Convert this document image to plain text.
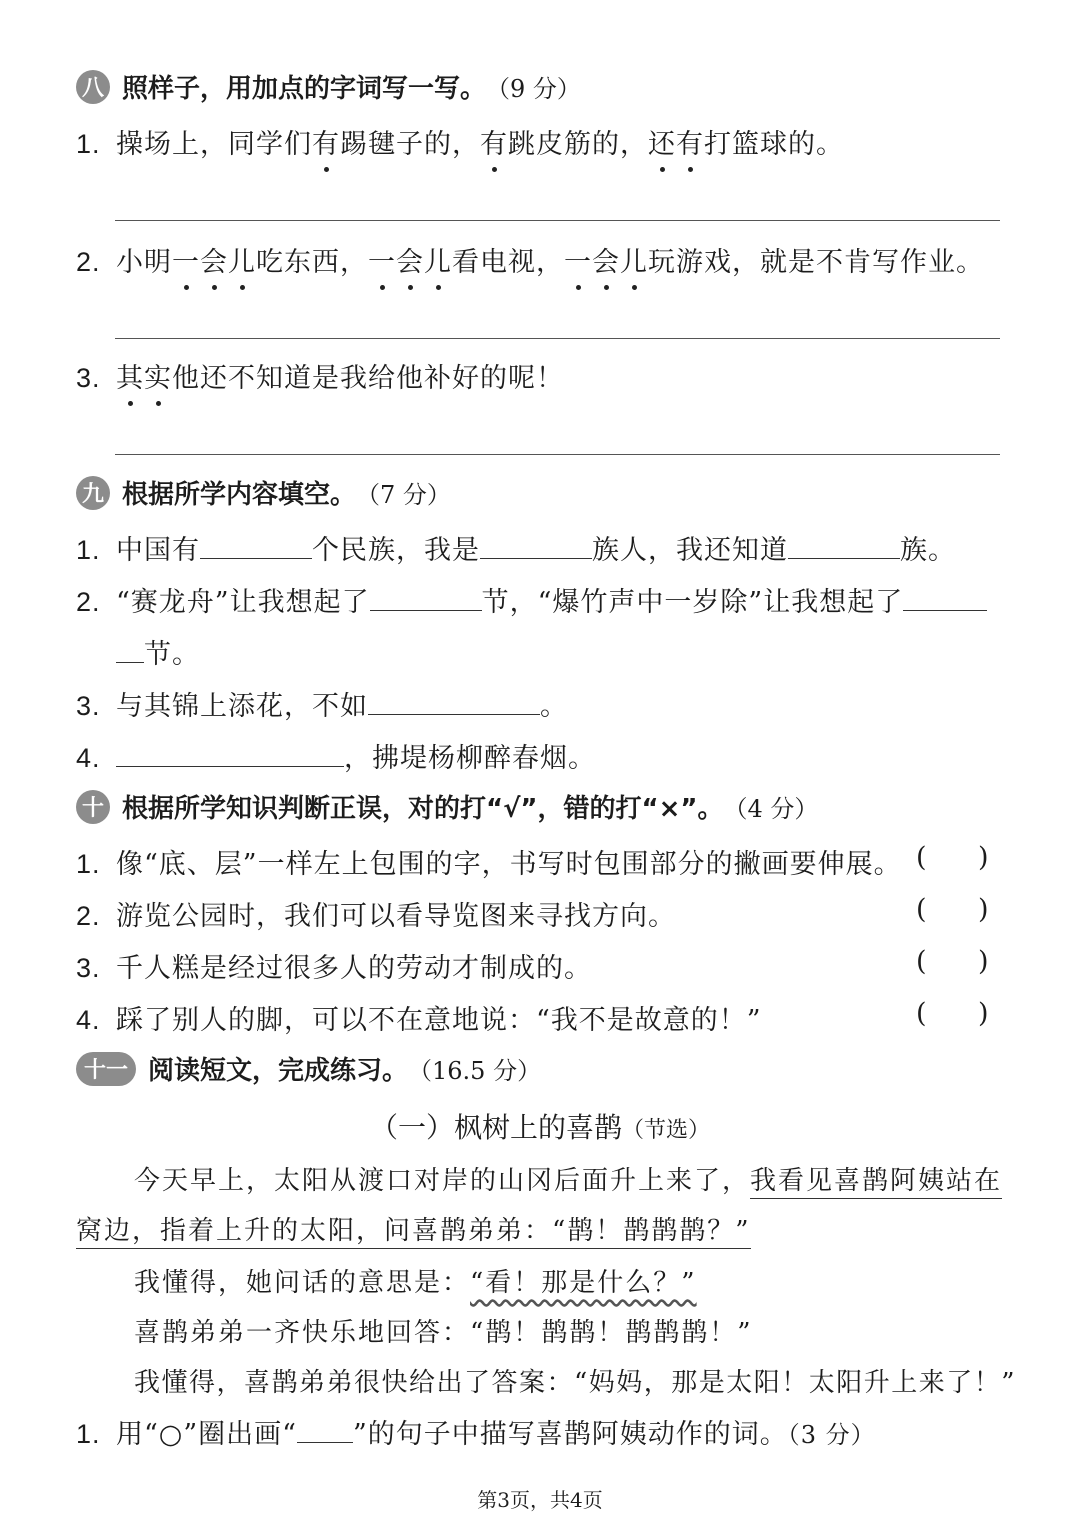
八 照样子，用加点的字词写一写。 （9 分）
1. 操场上，同学们有踢毽子的，有跳皮筋的，还有打篮球的。
2. 小明一会儿吃东西，一会儿看电视，一会儿玩游戏，就是不肯写作业。
3. 其实他还不知道是我给他补好的呢！
九 根据所学内容填空。 （7 分）
1. 中国有	个民族，我是	族人，我还知道	族。
2. “赛龙舟”让我想起了	节，“爆竹声中一岁除”让我想起了
节。
3. 与其锦上添花，不如	。
4.	，拂堤杨柳醉春烟。
十 根据所学知识判断正误，对的打“√”，错的打“×”。 （4 分）
1. 像“底、层”一样左上包围的字，书写时包围部分的撇画要伸展。 (      )
2. 游览公园时，我们可以看导览图来寻找方向。	(      )
3. 千人糕是经过很多人的劳动才制成的。	(      )
4. 踩了别人的脚，可以不在意地说：“我不是故意的！”	(      )
十一 阅读短文，完成练习。 （16.5 分）
（一）枫树上的喜鹊（节选）
今天早上，太阳从渡口对岸的山冈后面升上来了，我看见喜鹊阿姨站在
窝边，指着上升的太阳，问喜鹊弟弟：“鹊！鹊鹊鹊？”
我懂得，她问话的意思是：“看！那是什么？”
喜鹊弟弟一齐快乐地回答：“鹊！鹊鹊！鹊鹊鹊！”
我懂得，喜鹊弟弟很快给出了答案：“妈妈，那是太阳！太阳升上来了！”
1. 用“○”圈出画“ ”的句子中描写喜鹊阿姨动作的词。（3 分）
第3页，共4页
